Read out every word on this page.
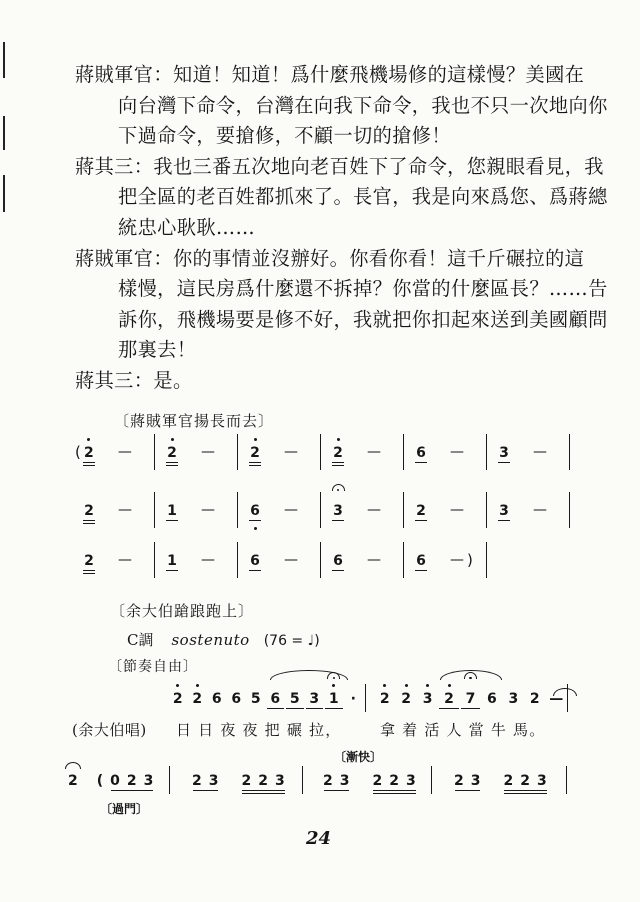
蔣賊軍官：知道！知道！爲什麼飛機場修的這樣慢？美國在
向台灣下命令，台灣在向我下命令，我也不只一次地向你
下過命令，要搶修，不顧一切的搶修！
蔣其三：我也三番五次地向老百姓下了命令，您親眼看見，我
把全區的老百姓都抓來了。長官，我是向來爲您、爲蔣總
統忠心耿耿……
蔣賊軍官：你的事情並沒辦好。你看你看！這千斤碾拉的這
樣慢，這民房爲什麼還不拆掉？你當的什麼區長？……告
訴你，飛機場要是修不好，我就把你扣起來送到美國顧問
那裏去！
蔣其三：是。
〔蔣賊軍官揚長而去〕
( 2 —	2 —	2 —	2 —	6 —	3 —
2 —	1 —	6 —	3 —	2 —	3 —
2 —	1 —	6 —	6 —	6 — )
〔余大伯蹌踉跑上〕
C調 sostenuto (76 = ♩)
〔節奏自由〕
2 2 6 6 5 6 5 3 1 ·	2 2 3 2 7 6 3 2 —
(余大伯唱) 日 日 夜 夜 把 碾 拉，	拿 着 活 人 當 牛 馬。
〔漸快〕
2 ( 023 23 223 23 223 23 223
〔過門〕
24
